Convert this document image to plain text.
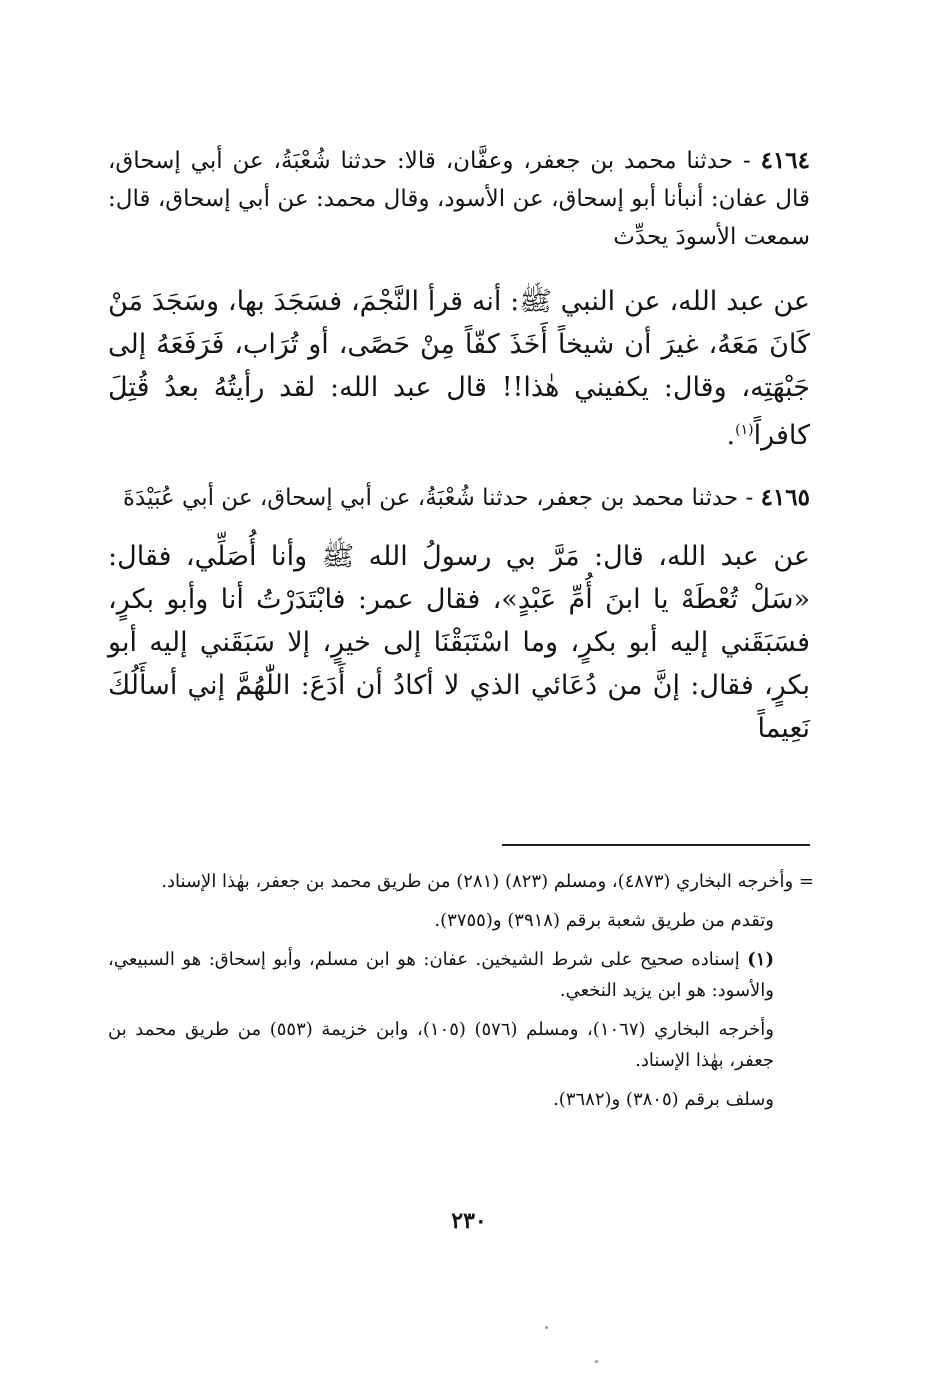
٤١٦٤ - حدثنا محمد بن جعفر، وعفَّان، قالا: حدثنا شُعْبَةُ، عن أبي إسحاق، قال عفان: أنبأنا أبو إسحاق، عن الأسود، وقال محمد: عن أبي إسحاق، قال: سمعت الأسودَ يحدِّث

عن عبد الله، عن النبي ﷺ: أنه قرأ النَّجْمَ، فسَجَدَ بها، وسَجَدَ مَنْ كَانَ مَعَهُ، غيرَ أن شيخاً أَخَذَ كفّاً مِنْ حَصًى، أو تُرَاب، فَرَفَعَهُ إلى جَبْهَتِه، وقال: يكفيني هٰذا!! قال عبد الله: لقد رأيتُهُ بعدُ قُتِلَ كافراً$^{(١)}$.

٤١٦٥ - حدثنا محمد بن جعفر، حدثنا شُعْبَةُ، عن أبي إسحاق، عن أبي عُبَيْدَةَ

عن عبد الله، قال: مَرَّ بي رسولُ الله ﷺ وأنا أُصَلِّي، فقال: «سَلْ تُعْطَهْ يا ابنَ أُمِّ عَبْدٍ»، فقال عمر: فابْتَدَرْتُ أنا وأبو بكرٍ، فسَبَقَني إليه أبو بكرٍ، وما اسْتَبَقْنَا إلى خيرٍ، إلا سَبَقَني إليه أبو بكرٍ، فقال: إنَّ من دُعَائي الذي لا أكادُ أن أَدَعَ: اللّٰهُمَّ إني أسأَلُكَ نَعِيماً

= وأخرجه البخاري (٤٨٧٣)، ومسلم (٨٢٣) (٢٨١) من طريق محمد بن جعفر، بهٰذا الإسناد.

وتقدم من طريق شعبة برقم (٣٩١٨) و(٣٧٥٥).

(١) إسناده صحيح على شرط الشيخين. عفان: هو ابن مسلم، وأبو إسحاق: هو السبيعي، والأسود: هو ابن يزيد النخعي.

وأخرجه البخاري (١٠٦٧)، ومسلم (٥٧٦) (١٠٥)، وابن خزيمة (٥٥٣) من طريق محمد بن جعفر، بهٰذا الإسناد.

وسلف برقم (٣٨٠٥) و(٣٦٨٢).

٢٣٠
